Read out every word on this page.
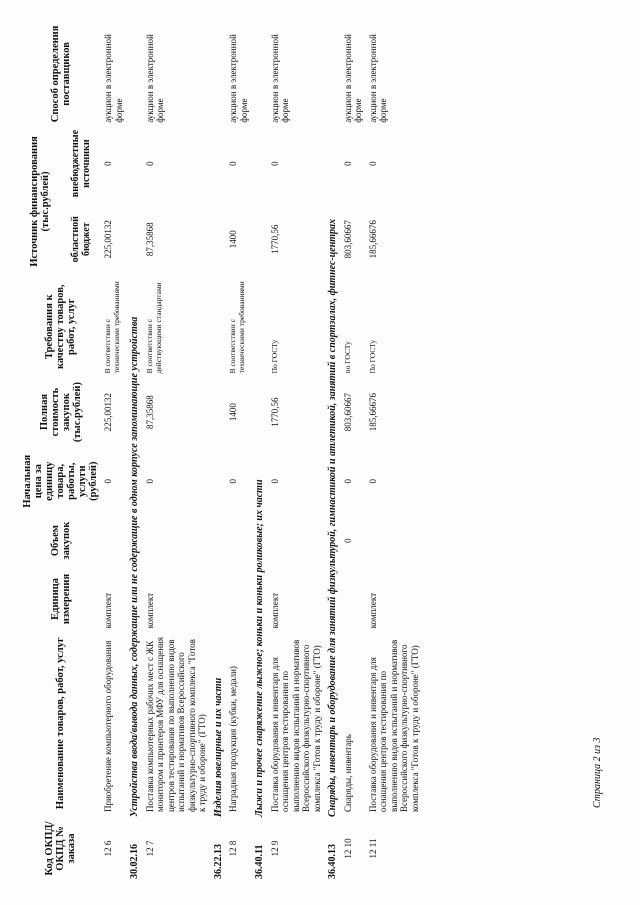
Код ОКПД/ ОКПД № заказа	Наименование товаров, работ, услуг	Единица измерения	Объем закупок	Начальная цена за единицу товара, работы, услуги (рублей)	Полная стоимость закупок (тыс.рублей)	Требования к качеству товаров, работ, услуг	Источник финансирования (тыс.рублей)		Способ определения поставщиков
							областной бюджет	внебюджетные источники	
12 6	Приобретение компьютерного оборудования	комплект		0	225,00132	В соответствии с техническими требованиями	225,00132	0	аукцион в электронной форме
30.02.16Устройства ввода/вывода данных, содержащие или не содержащие в одном корпусе запоминающие устройства									
12 7	Поставка компьютерных рабочих мест с ЖК монитором и принтеров МФУ для оснащения центров тестирования по выполнению видов испытаний и нормативов Всероссийского физкультурно-спортивного комплекса "Готов к труду и обороне" (ГТО)	комплект		0	87,35868	В соответствии с действующими стандартами	87,35868	0	аукцион в электронной форме
36.22.13Изделия ювелирные и их части									
12 8	Наградная продукция (кубки, медали)			0	1400	В соответствии с техническими требованиями	1400	0	аукцион в электронной форме
36.40.11Лыжи и прочее снаряжение лыжное; коньки и коньки роликовые; их части									
12 9	Поставка оборудования и инвентаря для оснащения центров тестирования по выполнению видов испытаний и нормативов Всероссийского физкультурно-спортивного комплекса "Готов к труду и обороне" (ГТО)	комплект		0	1770,56	По ГОСТу	1770,56	0	аукцион в электронной форме
36.40.13Снаряды, инвентарь и оборудование для занятий физкультурой, гимнастикой и атлетикой, занятий в спортзалах, фитнес-центрах									
12 10	Снаряды, инвентарь		0	0	803,60667	по ГОСТу	803,60667	0	аукцион в электронной форме
12 11	Поставка оборудования и инвентаря для оснащения центров тестирования по выполнению видов испытаний и нормативов Всероссийского физкультурно-спортивного комплекса "Готов к труду и обороне" (ГТО)	комплект		0	185,66676	По ГОСТу	185,66676	0	аукцион в электронной форме
Страница 2 из 3
